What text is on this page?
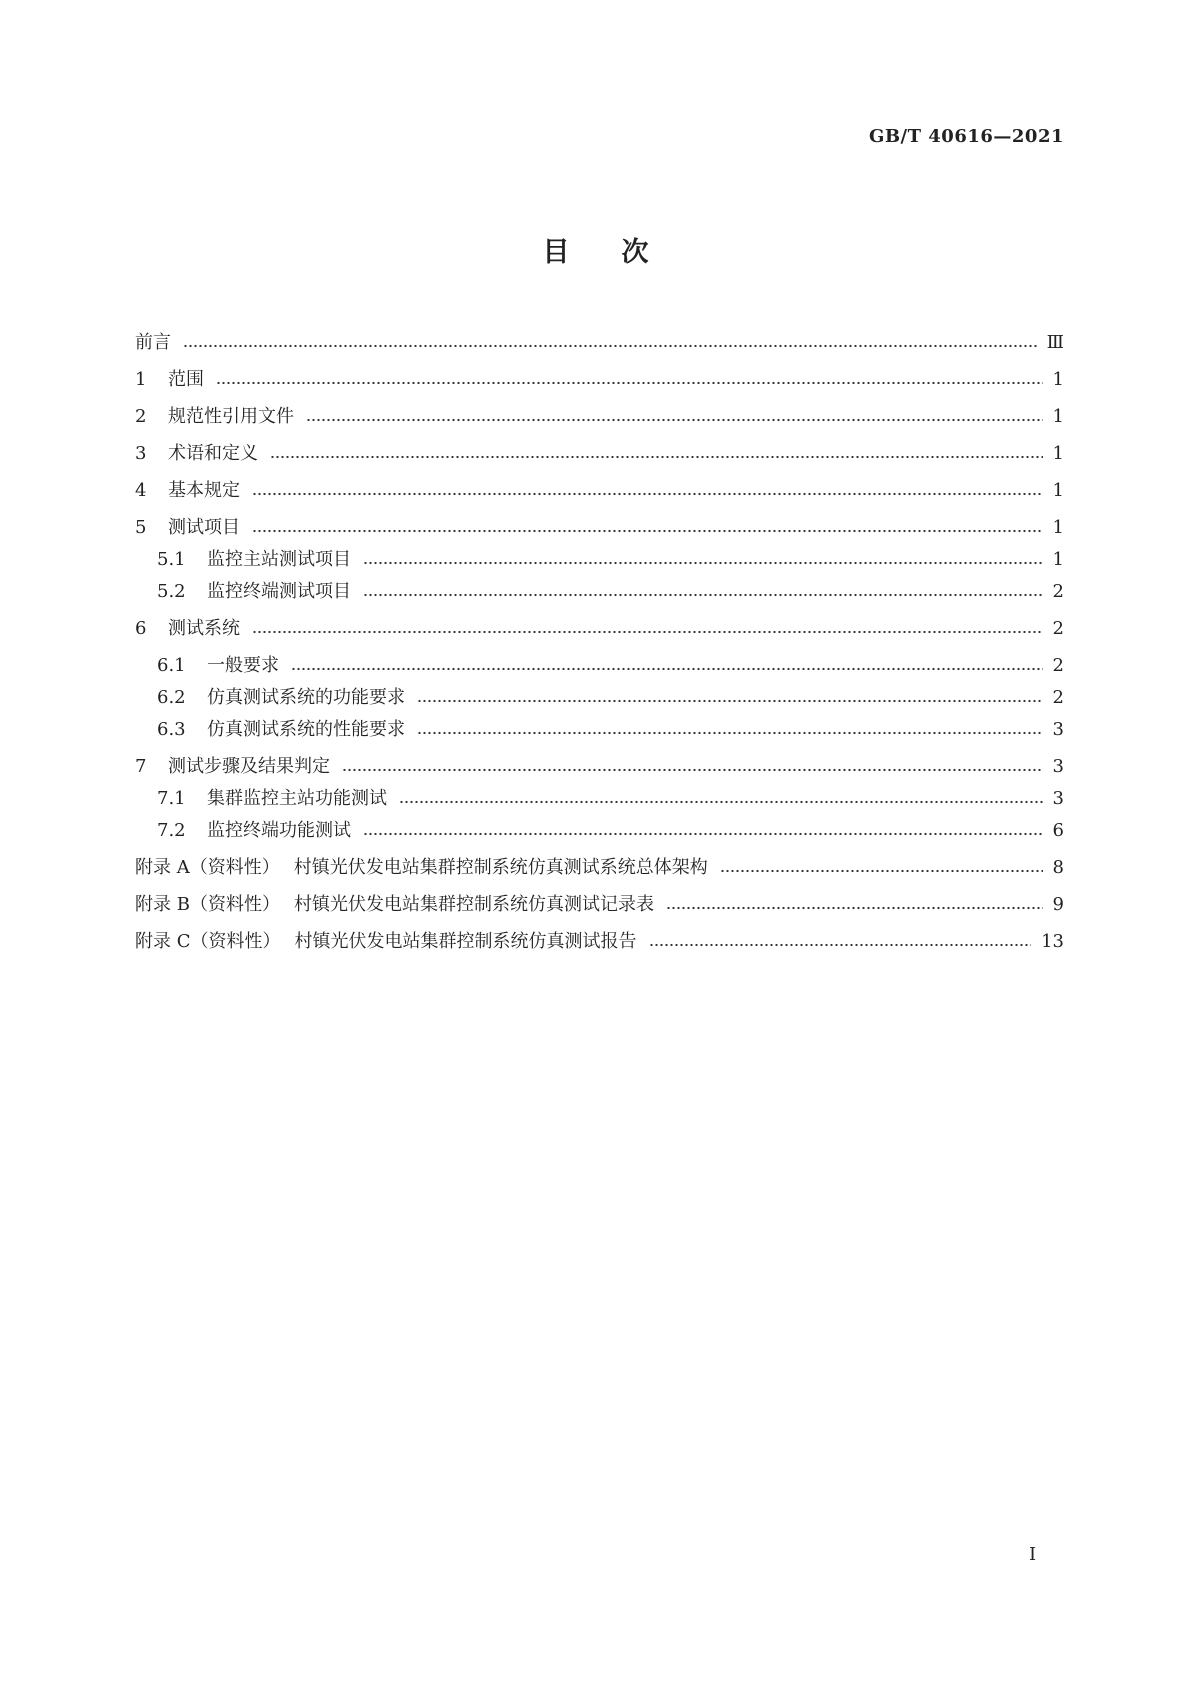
GB/T 40616—2021
目 次
前言	Ⅲ
1	范围	1
2	规范性引用文件	1
3	术语和定义	1
4	基本规定	1
5	测试项目	1
5.1	监控主站测试项目	1
5.2	监控终端测试项目	2
6	测试系统	2
6.1	一般要求	2
6.2	仿真测试系统的功能要求	2
6.3	仿真测试系统的性能要求	3
7	测试步骤及结果判定	3
7.1	集群监控主站功能测试	3
7.2	监控终端功能测试	6
附录 A（资料性） 村镇光伏发电站集群控制系统仿真测试系统总体架构	8
附录 B（资料性） 村镇光伏发电站集群控制系统仿真测试记录表	9
附录 C（资料性） 村镇光伏发电站集群控制系统仿真测试报告	13
Ⅰ
